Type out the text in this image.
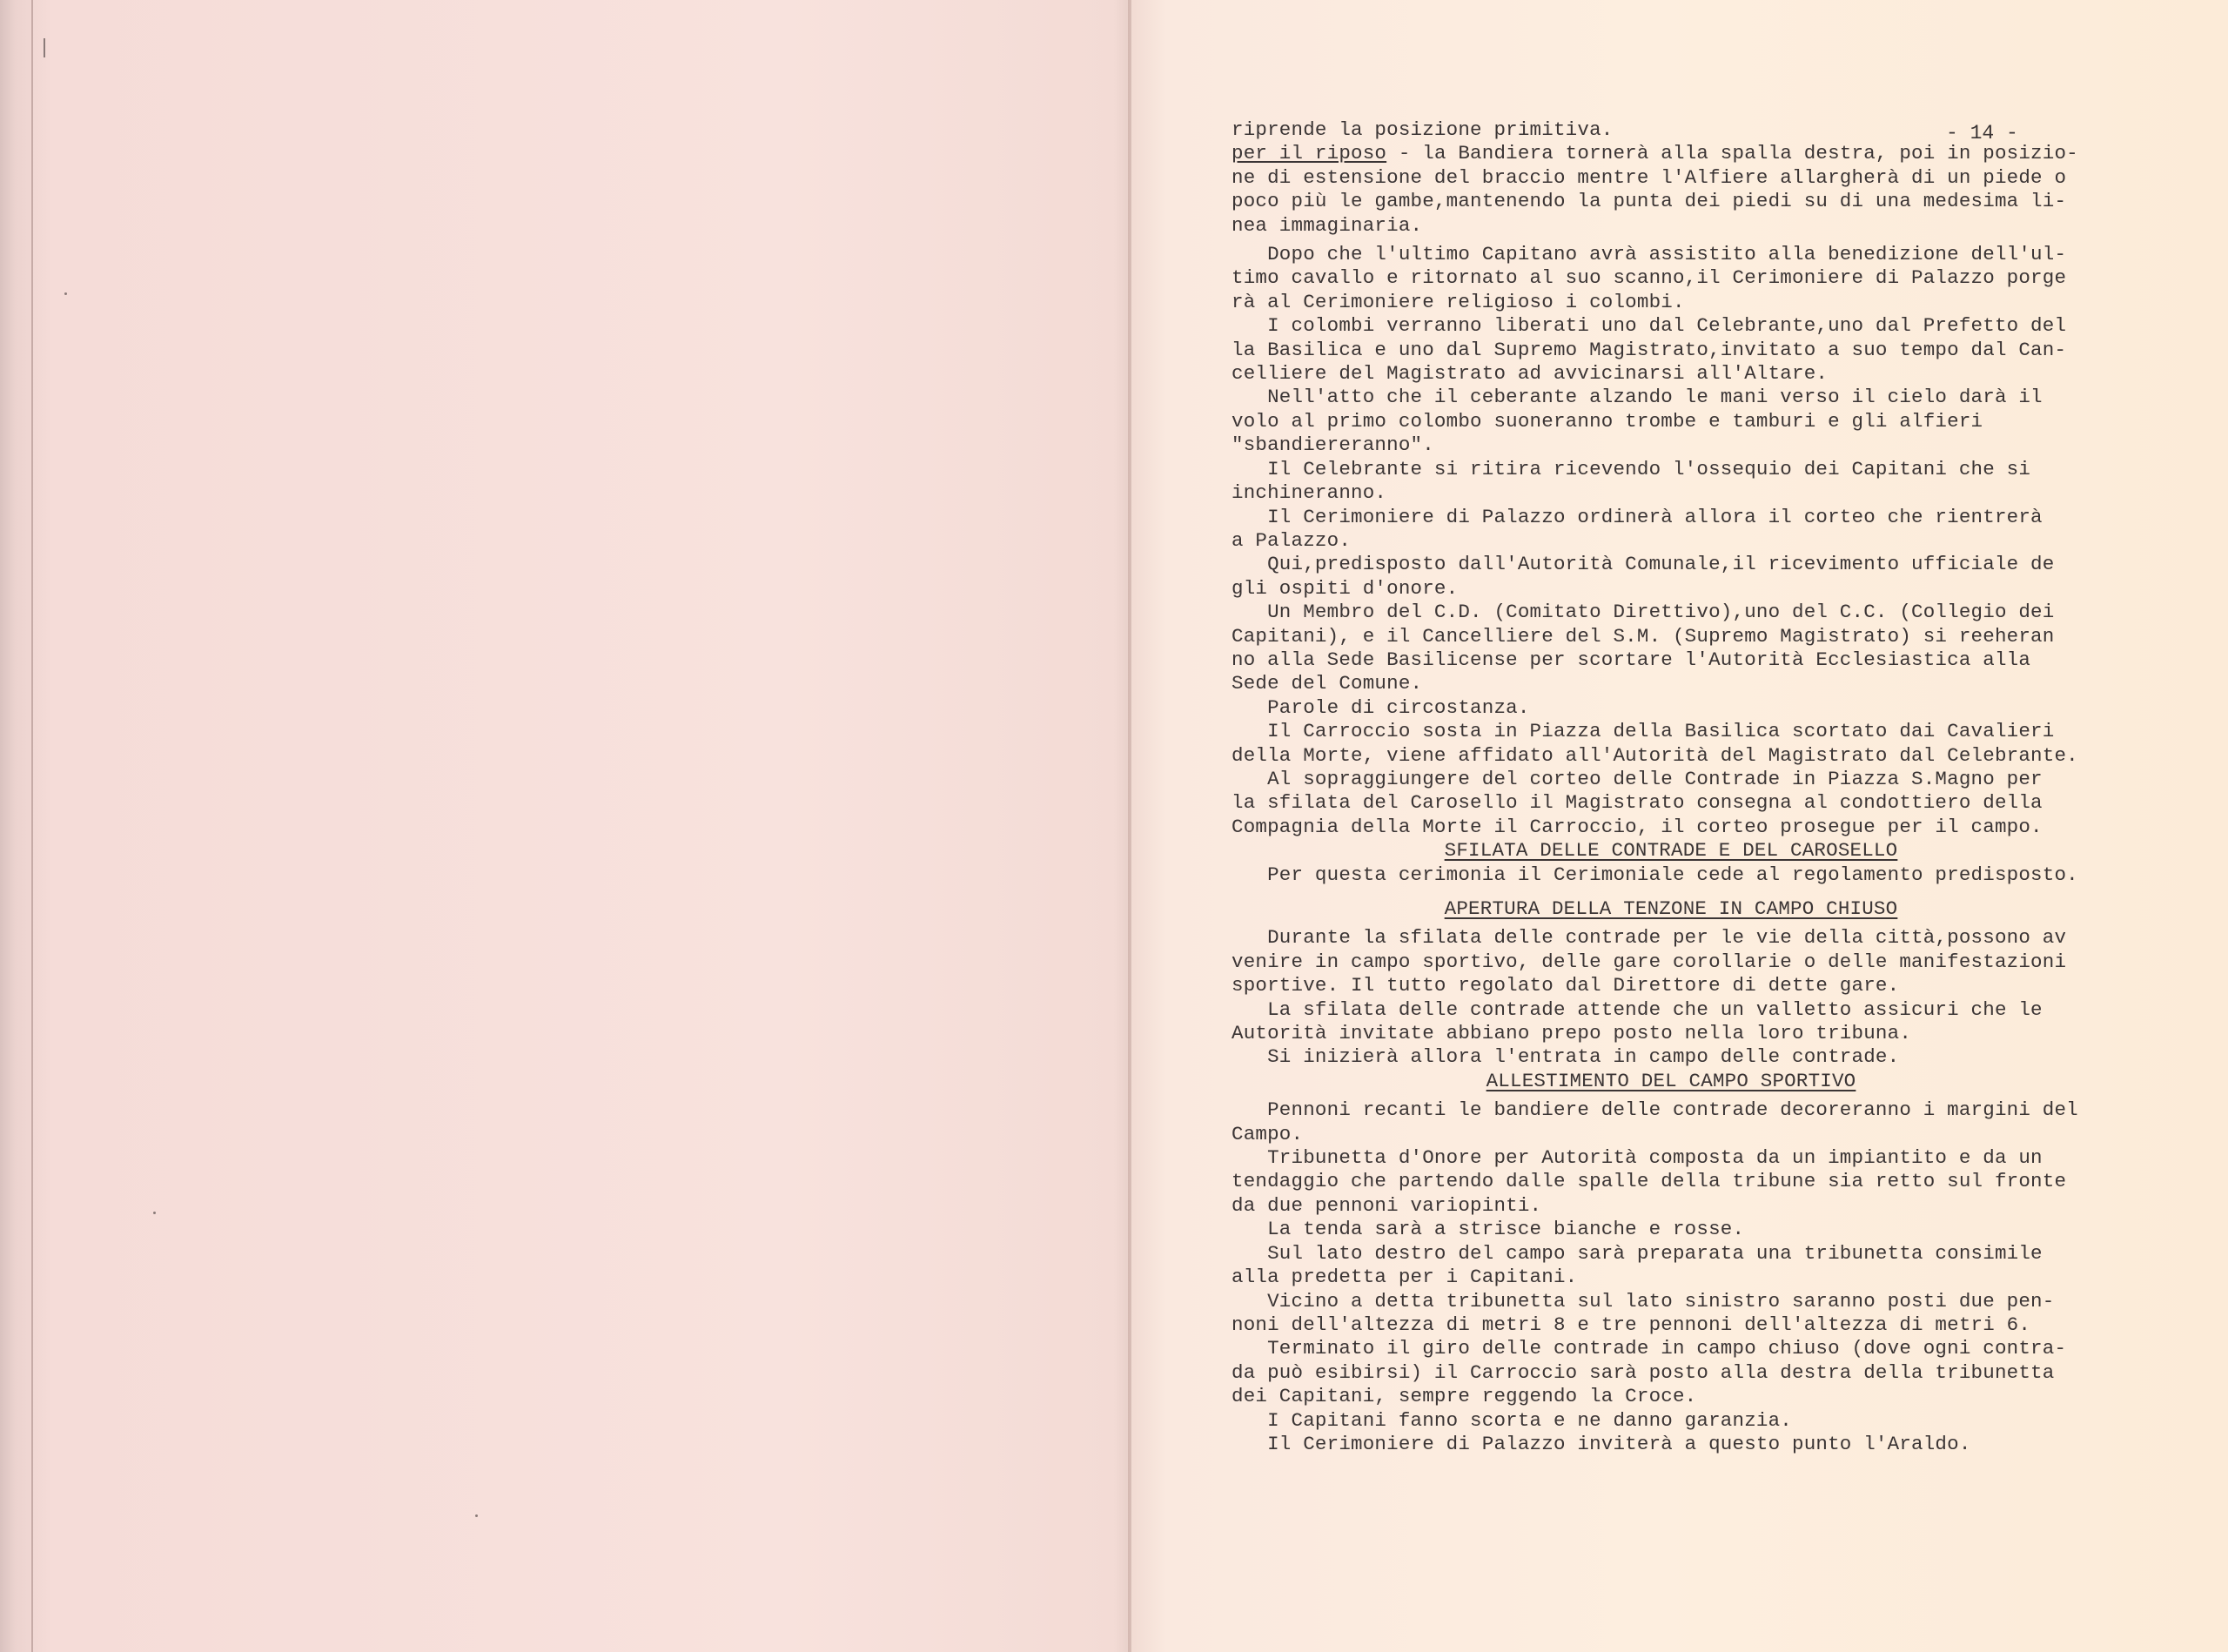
- 14 -

riprende la posizione primitiva.

per il riposo - la Bandiera tornerà alla spalla destra, poi in posizio-

ne di estensione del braccio mentre l'Alfiere allargherà di un piede o

poco più le gambe,mantenendo la punta dei piedi su di una medesima li-

nea immaginaria.

Dopo che l'ultimo Capitano avrà assistito alla benedizione dell'ul-

timo cavallo e ritornato al suo scanno,il Cerimoniere di Palazzo porge

rà al Cerimoniere religioso i colombi.

I colombi verranno liberati uno dal Celebrante,uno dal Prefetto del

la Basilica e uno dal Supremo Magistrato,invitato a suo tempo dal Can-

celliere del Magistrato ad avvicinarsi all'Altare.

Nell'atto che il ceberante alzando le mani verso il cielo darà il

volo al primo colombo suoneranno trombe e tamburi e gli alfieri

"sbandiereranno".

Il Celebrante si ritira ricevendo l'ossequio dei Capitani che si

inchineranno.

Il Cerimoniere di Palazzo ordinerà allora il corteo che rientrerà

a Palazzo.

Qui,predisposto dall'Autorità Comunale,il ricevimento ufficiale de

gli ospiti d'onore.

Un Membro del C.D. (Comitato Direttivo),uno del C.C. (Collegio dei

Capitani), e il Cancelliere del S.M. (Supremo Magistrato) si reeheran

no alla Sede Basilicense per scortare l'Autorità Ecclesiastica alla

Sede del Comune.

Parole di circostanza.

Il Carroccio sosta in Piazza della Basilica scortato dai Cavalieri

della Morte, viene affidato all'Autorità del Magistrato dal Celebrante.

Al sopraggiungere del corteo delle Contrade in Piazza S.Magno per

la sfilata del Carosello il Magistrato consegna al condottiero della

Compagnia della Morte il Carroccio, il corteo prosegue per il campo.

SFILATA DELLE CONTRADE E DEL CAROSELLO

Per questa cerimonia il Cerimoniale cede al regolamento predisposto.

APERTURA DELLA TENZONE IN CAMPO CHIUSO

Durante la sfilata delle contrade per le vie della città,possono av

venire in campo sportivo, delle gare corollarie o delle manifestazioni

sportive. Il tutto regolato dal Direttore di dette gare.

La sfilata delle contrade attende che un valletto assicuri che le

Autorità invitate abbiano prepo posto nella loro tribuna.

Si inizierà allora l'entrata in campo delle contrade.

ALLESTIMENTO DEL CAMPO SPORTIVO

Pennoni recanti le bandiere delle contrade decoreranno i margini del

Campo.

Tribunetta d'Onore per Autorità composta da un impiantito e da un

tendaggio che partendo dalle spalle della tribune sia retto sul fronte

da due pennoni variopinti.

La tenda sarà a strisce bianche e rosse.

Sul lato destro del campo sarà preparata una tribunetta consimile

alla predetta per i Capitani.

Vicino a detta tribunetta sul lato sinistro saranno posti due pen-

noni dell'altezza di metri 8 e tre pennoni dell'altezza di metri 6.

Terminato il giro delle contrade in campo chiuso (dove ogni contra-

da può esibirsi) il Carroccio sarà posto alla destra della tribunetta

dei Capitani, sempre reggendo la Croce.

I Capitani fanno scorta e ne danno garanzia.

Il Cerimoniere di Palazzo inviterà a questo punto l'Araldo.
